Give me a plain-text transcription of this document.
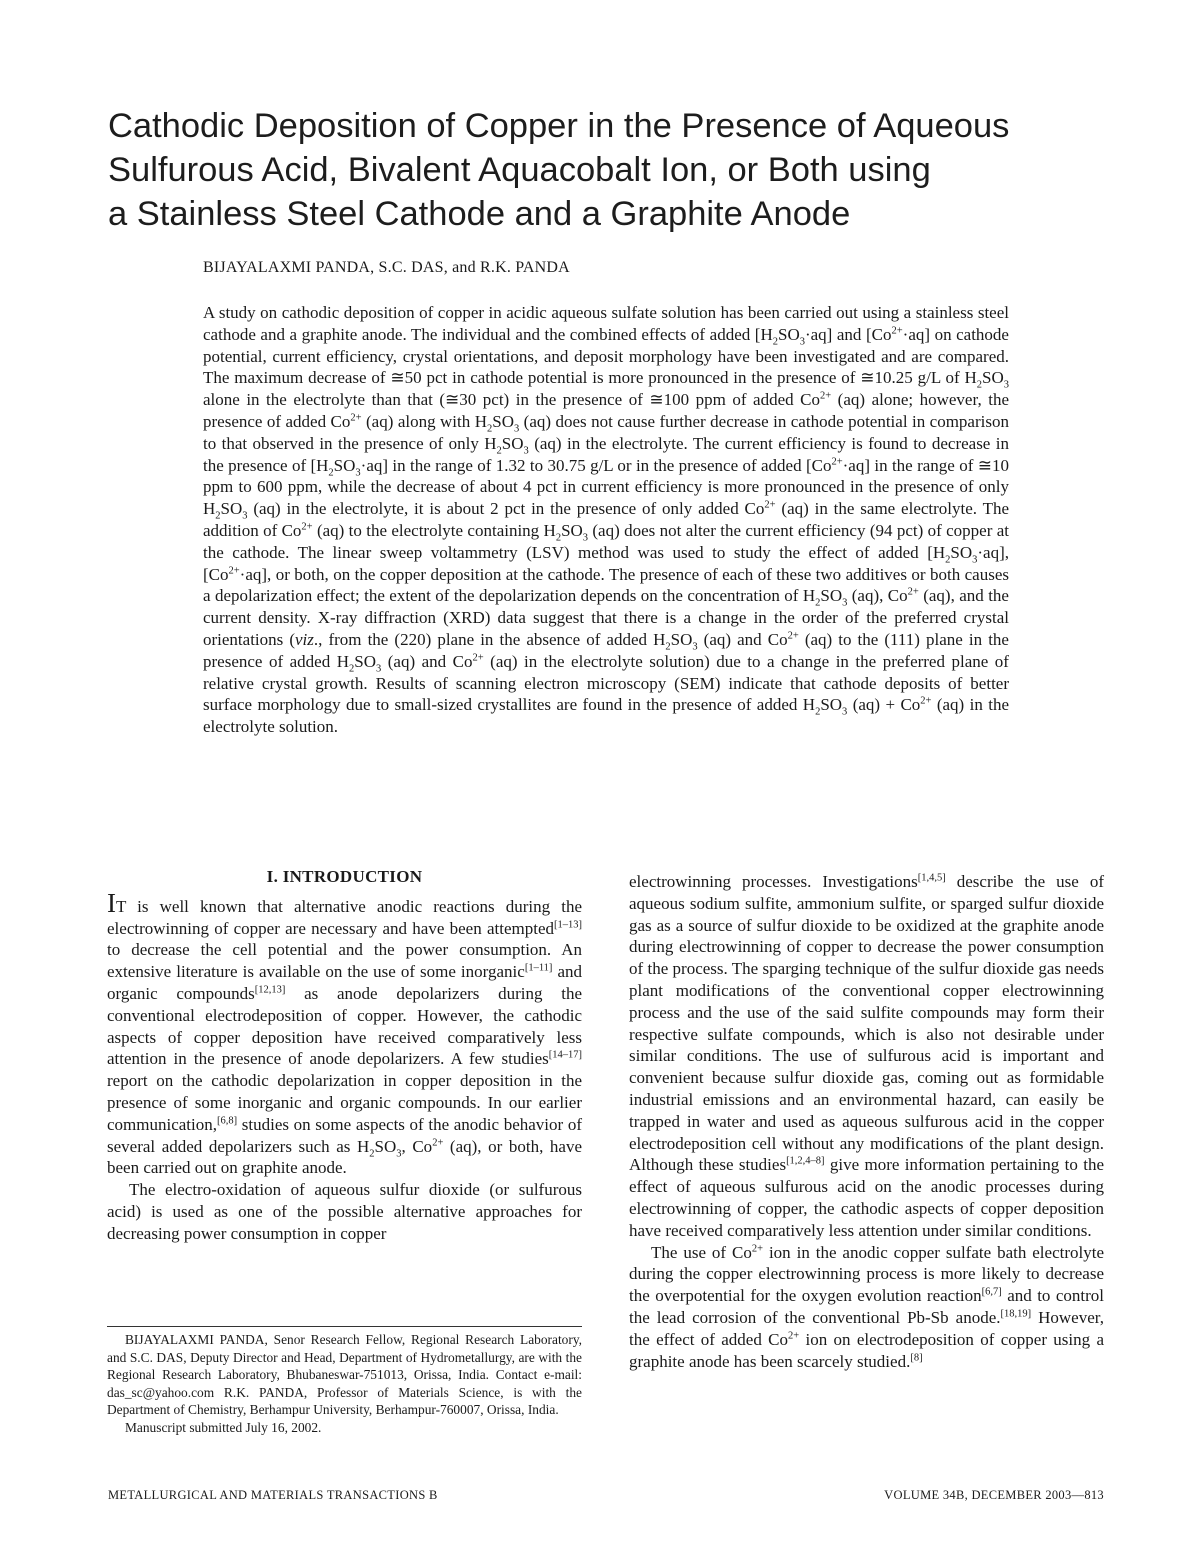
Cathodic Deposition of Copper in the Presence of Aqueous
Sulfurous Acid, Bivalent Aquacobalt Ion, or Both using
a Stainless Steel Cathode and a Graphite Anode

BIJAYALAXMI PANDA, S.C. DAS, and R.K. PANDA

A study on cathodic deposition of copper in acidic aqueous sulfate solution has been carried out using a stainless steel cathode and a graphite anode. The individual and the combined effects of added $[H_2SO_3\cdot aq]$ and $[Co^{2+}\cdot aq]$ on cathode potential, current efficiency, crystal orientations, and deposit morphology have been investigated and are compared. The maximum decrease of ≅50 pct in cathode potential is more pronounced in the presence of ≅10.25 g/L of $H_2SO_3$ alone in the electrolyte than that (≅30 pct) in the presence of ≅100 ppm of added $Co^{2+}$ (aq) alone; however, the presence of added $Co^{2+}$ (aq) along with $H_2SO_3$ (aq) does not cause further decrease in cathode potential in comparison to that observed in the presence of only $H_2SO_3$ (aq) in the electrolyte. The current efficiency is found to decrease in the presence of $[H_2SO_3\cdot aq]$ in the range of 1.32 to 30.75 g/L or in the presence of added $[Co^{2+}\cdot aq]$ in the range of ≅10 ppm to 600 ppm, while the decrease of about 4 pct in current efficiency is more pronounced in the presence of only $H_2SO_3$ (aq) in the electrolyte, it is about 2 pct in the presence of only added $Co^{2+}$ (aq) in the same electrolyte. The addition of $Co^{2+}$ (aq) to the electrolyte containing $H_2SO_3$ (aq) does not alter the current efficiency (94 pct) of copper at the cathode. The linear sweep voltammetry (LSV) method was used to study the effect of added $[H_2SO_3\cdot aq]$, $[Co^{2+}\cdot aq]$, or both, on the copper deposition at the cathode. The presence of each of these two additives or both causes a depolarization effect; the extent of the depolarization depends on the concentration of $H_2SO_3$ (aq), $Co^{2+}$ (aq), and the current density. X-ray diffraction (XRD) data suggest that there is a change in the order of the preferred crystal orientations (viz., from the (220) plane in the absence of added $H_2SO_3$ (aq) and $Co^{2+}$ (aq) to the (111) plane in the presence of added $H_2SO_3$ (aq) and $Co^{2+}$ (aq) in the electrolyte solution) due to a change in the preferred plane of relative crystal growth. Results of scanning electron microscopy (SEM) indicate that cathode deposits of better surface morphology due to small-sized crystallites are found in the presence of added $H_2SO_3$ $(aq) + Co^{2+}$ (aq) in the electrolyte solution.

I. INTRODUCTION

IT is well known that alternative anodic reactions during the electrowinning of copper are necessary and have been attempted[1–13] to decrease the cell potential and the power consumption. An extensive literature is available on the use of some inorganic[1–11] and organic compounds[12,13] as anode depolarizers during the conventional electrodeposition of copper. However, the cathodic aspects of copper deposition have received comparatively less attention in the presence of anode depolarizers. A few studies[14–17] report on the cathodic depolarization in copper deposition in the presence of some inorganic and organic compounds. In our earlier communication,[6,8] studies on some aspects of the anodic behavior of several added depolarizers such as $H_2SO_3$, $Co^{2+}$ (aq), or both, have been carried out on graphite anode.

The electro-oxidation of aqueous sulfur dioxide (or sulfurous acid) is used as one of the possible alternative approaches for decreasing power consumption in copper

electrowinning processes. Investigations[1,4,5] describe the use of aqueous sodium sulfite, ammonium sulfite, or sparged sulfur dioxide gas as a source of sulfur dioxide to be oxidized at the graphite anode during electrowinning of copper to decrease the power consumption of the process. The sparging technique of the sulfur dioxide gas needs plant modifications of the conventional copper electrowinning process and the use of the said sulfite compounds may form their respective sulfate compounds, which is also not desirable under similar conditions. The use of sulfurous acid is important and convenient because sulfur dioxide gas, coming out as formidable industrial emissions and an environmental hazard, can easily be trapped in water and used as aqueous sulfurous acid in the copper electrodeposition cell without any modifications of the plant design. Although these studies[1,2,4–8] give more information pertaining to the effect of aqueous sulfurous acid on the anodic processes during electrowinning of copper, the cathodic aspects of copper deposition have received comparatively less attention under similar conditions.

The use of $Co^{2+}$ ion in the anodic copper sulfate bath electrolyte during the copper electrowinning process is more likely to decrease the overpotential for the oxygen evolution reaction[6,7] and to control the lead corrosion of the conventional Pb-Sb anode.[18,19] However, the effect of added $Co^{2+}$ ion on electrodeposition of copper using a graphite anode has been scarcely studied.[8]

BIJAYALAXMI PANDA, Senor Research Fellow, Regional Research Laboratory, and S.C. DAS, Deputy Director and Head, Department of Hydrometallurgy, are with the Regional Research Laboratory, Bhubaneswar-751013, Orissa, India. Contact e-mail: das_sc@yahoo.com R.K. PANDA, Professor of Materials Science, is with the Department of Chemistry, Berhampur University, Berhampur-760007, Orissa, India.

Manuscript submitted July 16, 2002.

METALLURGICAL AND MATERIALS TRANSACTIONS B	VOLUME 34B, DECEMBER 2003—813
